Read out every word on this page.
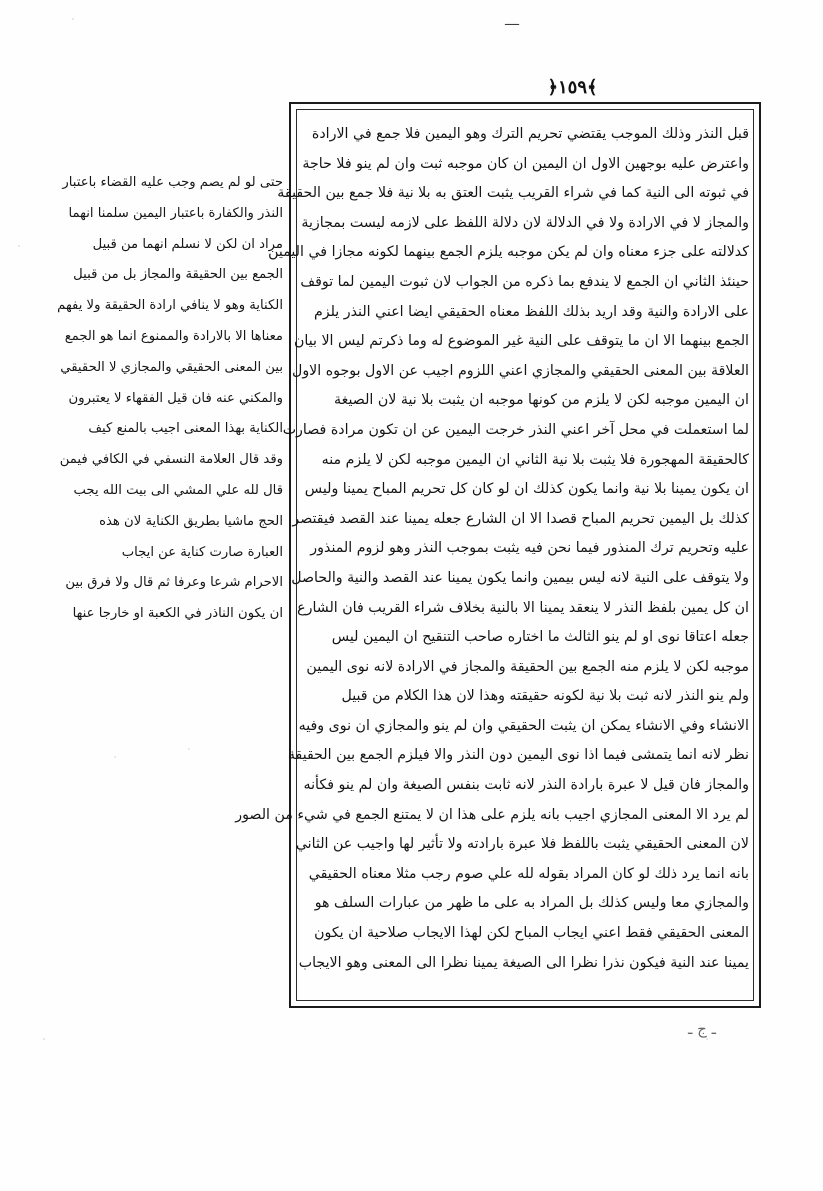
ــــ
﴿١٥٩﴾
قبل النذر وذلك الموجب يقتضي تحريم الترك وهو اليمين فلا جمع في الارادة
واعترض عليه بوجهين الاول ان اليمين ان كان موجبه ثبت وان لم ينو فلا حاجة
في ثبوته الى النية كما في شراء القريب يثبت العتق به بلا نية فلا جمع بين الحقيقة
والمجاز لا في الارادة ولا في الدلالة لان دلالة اللفظ على لازمه ليست بمجازية
كدلالته على جزء معناه وان لم يكن موجبه يلزم الجمع بينهما لكونه مجازا في اليمين
حينئذ الثاني ان الجمع لا يندفع بما ذكره من الجواب لان ثبوت اليمين لما توقف
على الارادة والنية وقد اريد بذلك اللفظ معناه الحقيقي ايضا اعني النذر يلزم
الجمع بينهما الا ان ما يتوقف على النية غير الموضوع له وما ذكرتم ليس الا بيان
العلاقة بين المعنى الحقيقي والمجازي اعني اللزوم اجيب عن الاول بوجوه الاول
ان اليمين موجبه لكن لا يلزم من كونها موجبه ان يثبت بلا نية لان الصيغة
لما استعملت في محل آخر اعني النذر خرجت اليمين عن ان تكون مرادة فصارت
كالحقيقة المهجورة فلا يثبت بلا نية الثاني ان اليمين موجبه لكن لا يلزم منه
ان يكون يمينا بلا نية وانما يكون كذلك ان لو كان كل تحريم المباح يمينا وليس
كذلك بل اليمين تحريم المباح قصدا الا ان الشارع جعله يمينا عند القصد فيقتصر
عليه وتحريم ترك المنذور فيما نحن فيه يثبت بموجب النذر وهو لزوم المنذور
ولا يتوقف على النية لانه ليس بيمين وانما يكون يمينا عند القصد والنية والحاصل
ان كل يمين بلفظ النذر لا ينعقد يمينا الا بالنية بخلاف شراء القريب فان الشارع
جعله اعتاقا نوى او لم ينو الثالث ما اختاره صاحب التنقيح ان اليمين ليس
موجبه لكن لا يلزم منه الجمع بين الحقيقة والمجاز في الارادة لانه نوى اليمين
ولم ينو النذر لانه ثبت بلا نية لكونه حقيقته وهذا لان هذا الكلام من قبيل
الانشاء وفي الانشاء يمكن ان يثبت الحقيقي وان لم ينو والمجازي ان نوى وفيه
نظر لانه انما يتمشى فيما اذا نوى اليمين دون النذر والا فيلزم الجمع بين الحقيقة
والمجاز فان قيل لا عبرة بارادة النذر لانه ثابت بنفس الصيغة وان لم ينو فكأنه
لم يرد الا المعنى المجازي اجيب بانه يلزم على هذا ان لا يمتنع الجمع في شيء من الصور
لان المعنى الحقيقي يثبت باللفظ فلا عبرة بارادته ولا تأثير لها واجيب عن الثاني
بانه انما يرد ذلك لو كان المراد بقوله لله علي صوم رجب مثلا معناه الحقيقي
والمجازي معا وليس كذلك بل المراد به على ما ظهر من عبارات السلف هو
المعنى الحقيقي فقط اعني ايجاب المباح لكن لهذا الايجاب صلاحية ان يكون
يمينا عند النية فيكون نذرا نظرا الى الصيغة يمينا نظرا الى المعنى وهو الايجاب
حتى لو لم يصم وجب عليه القضاء باعتبار
النذر والكفارة باعتبار اليمين سلمنا انهما
مراد ان لكن لا نسلم انهما من قبيل
الجمع بين الحقيقة والمجاز بل من قبيل
الكناية وهو لا ينافي ارادة الحقيقة ولا يفهم
معناها الا بالارادة والممنوع انما هو الجمع
بين المعنى الحقيقي والمجازي لا الحقيقي
والمكني عنه فان قيل الفقهاء لا يعتبرون
الكناية بهذا المعنى اجيب بالمنع كيف
وقد قال العلامة النسفي في الكافي فيمن
قال لله علي المشي الى بيت الله يجب
الحج ماشيا بطريق الكناية لان هذه
العبارة صارت كناية عن ايجاب
الاحرام شرعا وعرفا ثم قال ولا فرق بين
ان يكون الناذر في الكعبة او خارجا عنها
ـ ج ـ
